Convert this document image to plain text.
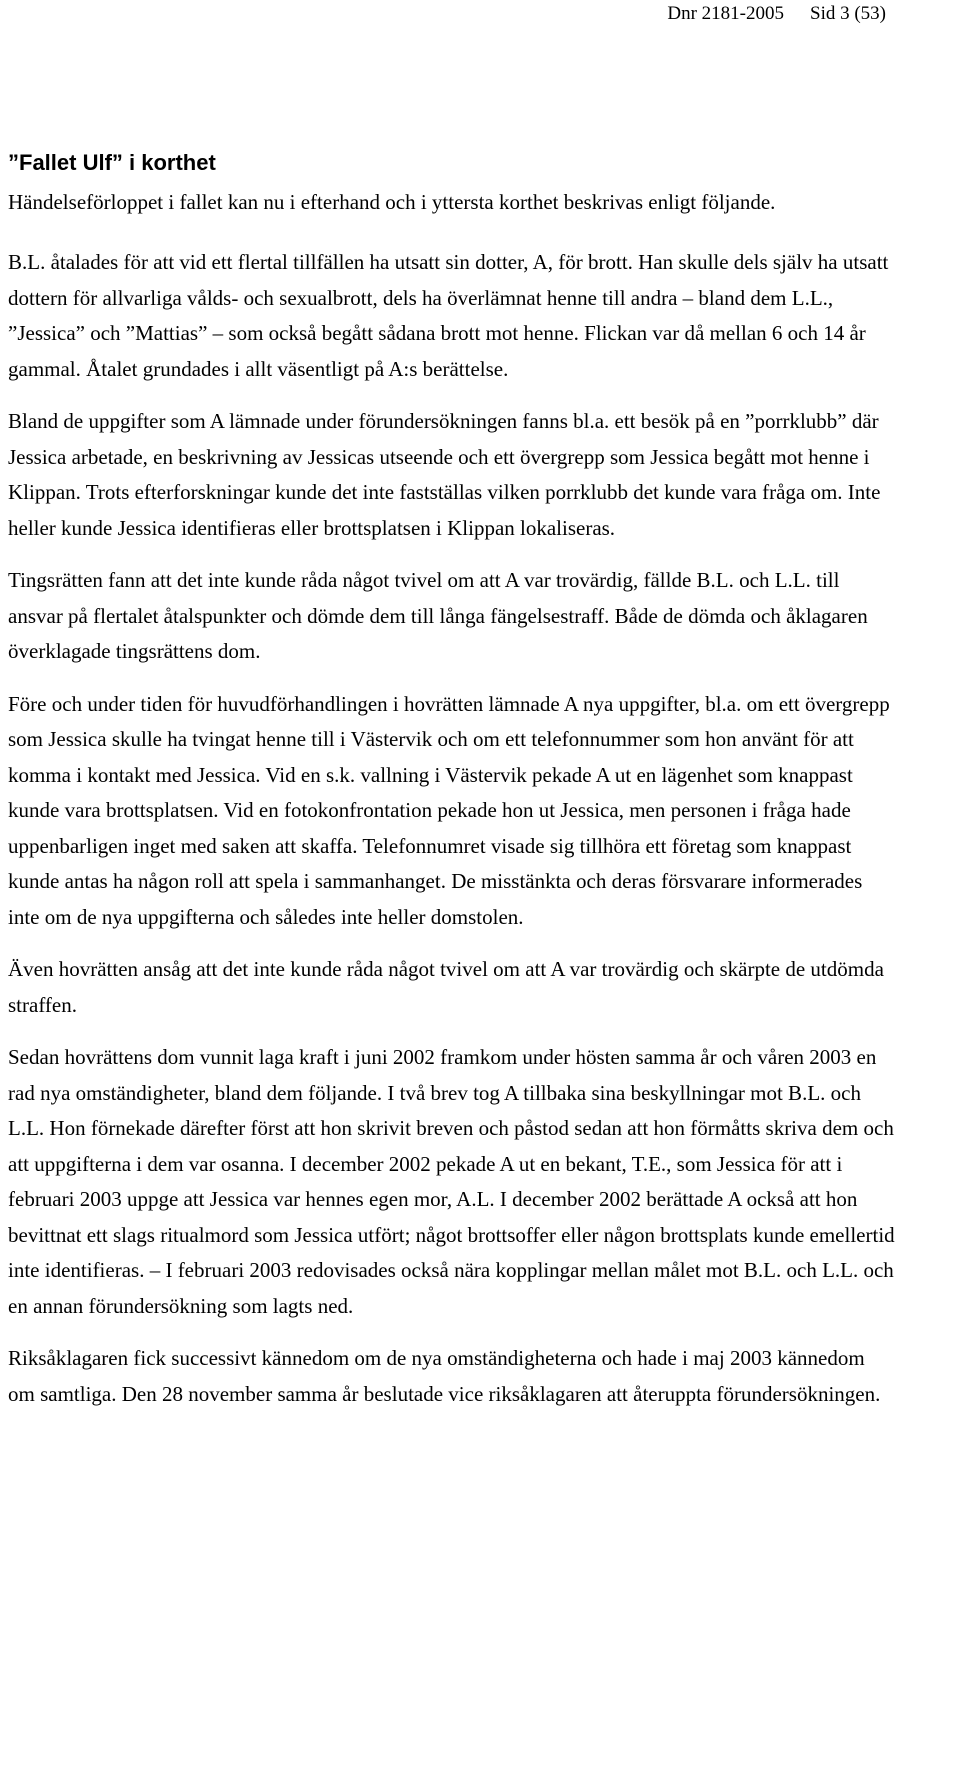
Dnr 2181-2005 Sid 3 (53)
”Fallet Ulf” i korthet

Händelseförloppet i fallet kan nu i efterhand och i yttersta korthet beskrivas enligt följande.

B.L. åtalades för att vid ett flertal tillfällen ha utsatt sin dotter, A, för brott. Han skulle dels själv ha utsatt dottern för allvarliga vålds- och sexualbrott, dels ha överlämnat henne till andra – bland dem L.L., ”Jessica” och ”Mattias” – som också begått sådana brott mot henne. Flickan var då mellan 6 och 14 år gammal. Åtalet grundades i allt väsentligt på A:s berättelse.

Bland de uppgifter som A lämnade under förundersökningen fanns bl.a. ett besök på en ”porrklubb” där Jessica arbetade, en beskrivning av Jessicas utseende och ett övergrepp som Jessica begått mot henne i Klippan. Trots efterforskningar kunde det inte fastställas vilken porrklubb det kunde vara fråga om. Inte heller kunde Jessica identifieras eller brottsplatsen i Klippan lokaliseras.

Tingsrätten fann att det inte kunde råda något tvivel om att A var trovärdig, fällde B.L. och L.L. till ansvar på flertalet åtalspunkter och dömde dem till långa fängelsestraff. Både de dömda och åklagaren överklagade tingsrättens dom.

Före och under tiden för huvudförhandlingen i hovrätten lämnade A nya uppgifter, bl.a. om ett övergrepp som Jessica skulle ha tvingat henne till i Västervik och om ett telefonnummer som hon använt för att komma i kontakt med Jessica. Vid en s.k. vallning i Västervik pekade A ut en lägenhet som knappast kunde vara brottsplatsen. Vid en fotokonfrontation pekade hon ut Jessica, men personen i fråga hade uppenbarligen inget med saken att skaffa. Telefonnumret visade sig tillhöra ett företag som knappast kunde antas ha någon roll att spela i sammanhanget. De misstänkta och deras försvarare informerades inte om de nya uppgifterna och således inte heller domstolen.

Även hovrätten ansåg att det inte kunde råda något tvivel om att A var trovärdig och skärpte de utdömda straffen.

Sedan hovrättens dom vunnit laga kraft i juni 2002 framkom under hösten samma år och våren 2003 en rad nya omständigheter, bland dem följande. I två brev tog A tillbaka sina beskyllningar mot B.L. och L.L. Hon förnekade därefter först att hon skrivit breven och påstod sedan att hon förmåtts skriva dem och att uppgifterna i dem var osanna. I december 2002 pekade A ut en bekant, T.E., som Jessica för att i februari 2003 uppge att Jessica var hennes egen mor, A.L. I december 2002 berättade A också att hon bevittnat ett slags ritualmord som Jessica utfört; något brottsoffer eller någon brottsplats kunde emellertid inte identifieras. – I februari 2003 redovisades också nära kopplingar mellan målet mot B.L. och L.L. och en annan förundersökning som lagts ned.

Riksåklagaren fick successivt kännedom om de nya omständigheterna och hade i maj 2003 kännedom om samtliga. Den 28 november samma år beslutade vice riksåklagaren att återuppta förundersökningen.
